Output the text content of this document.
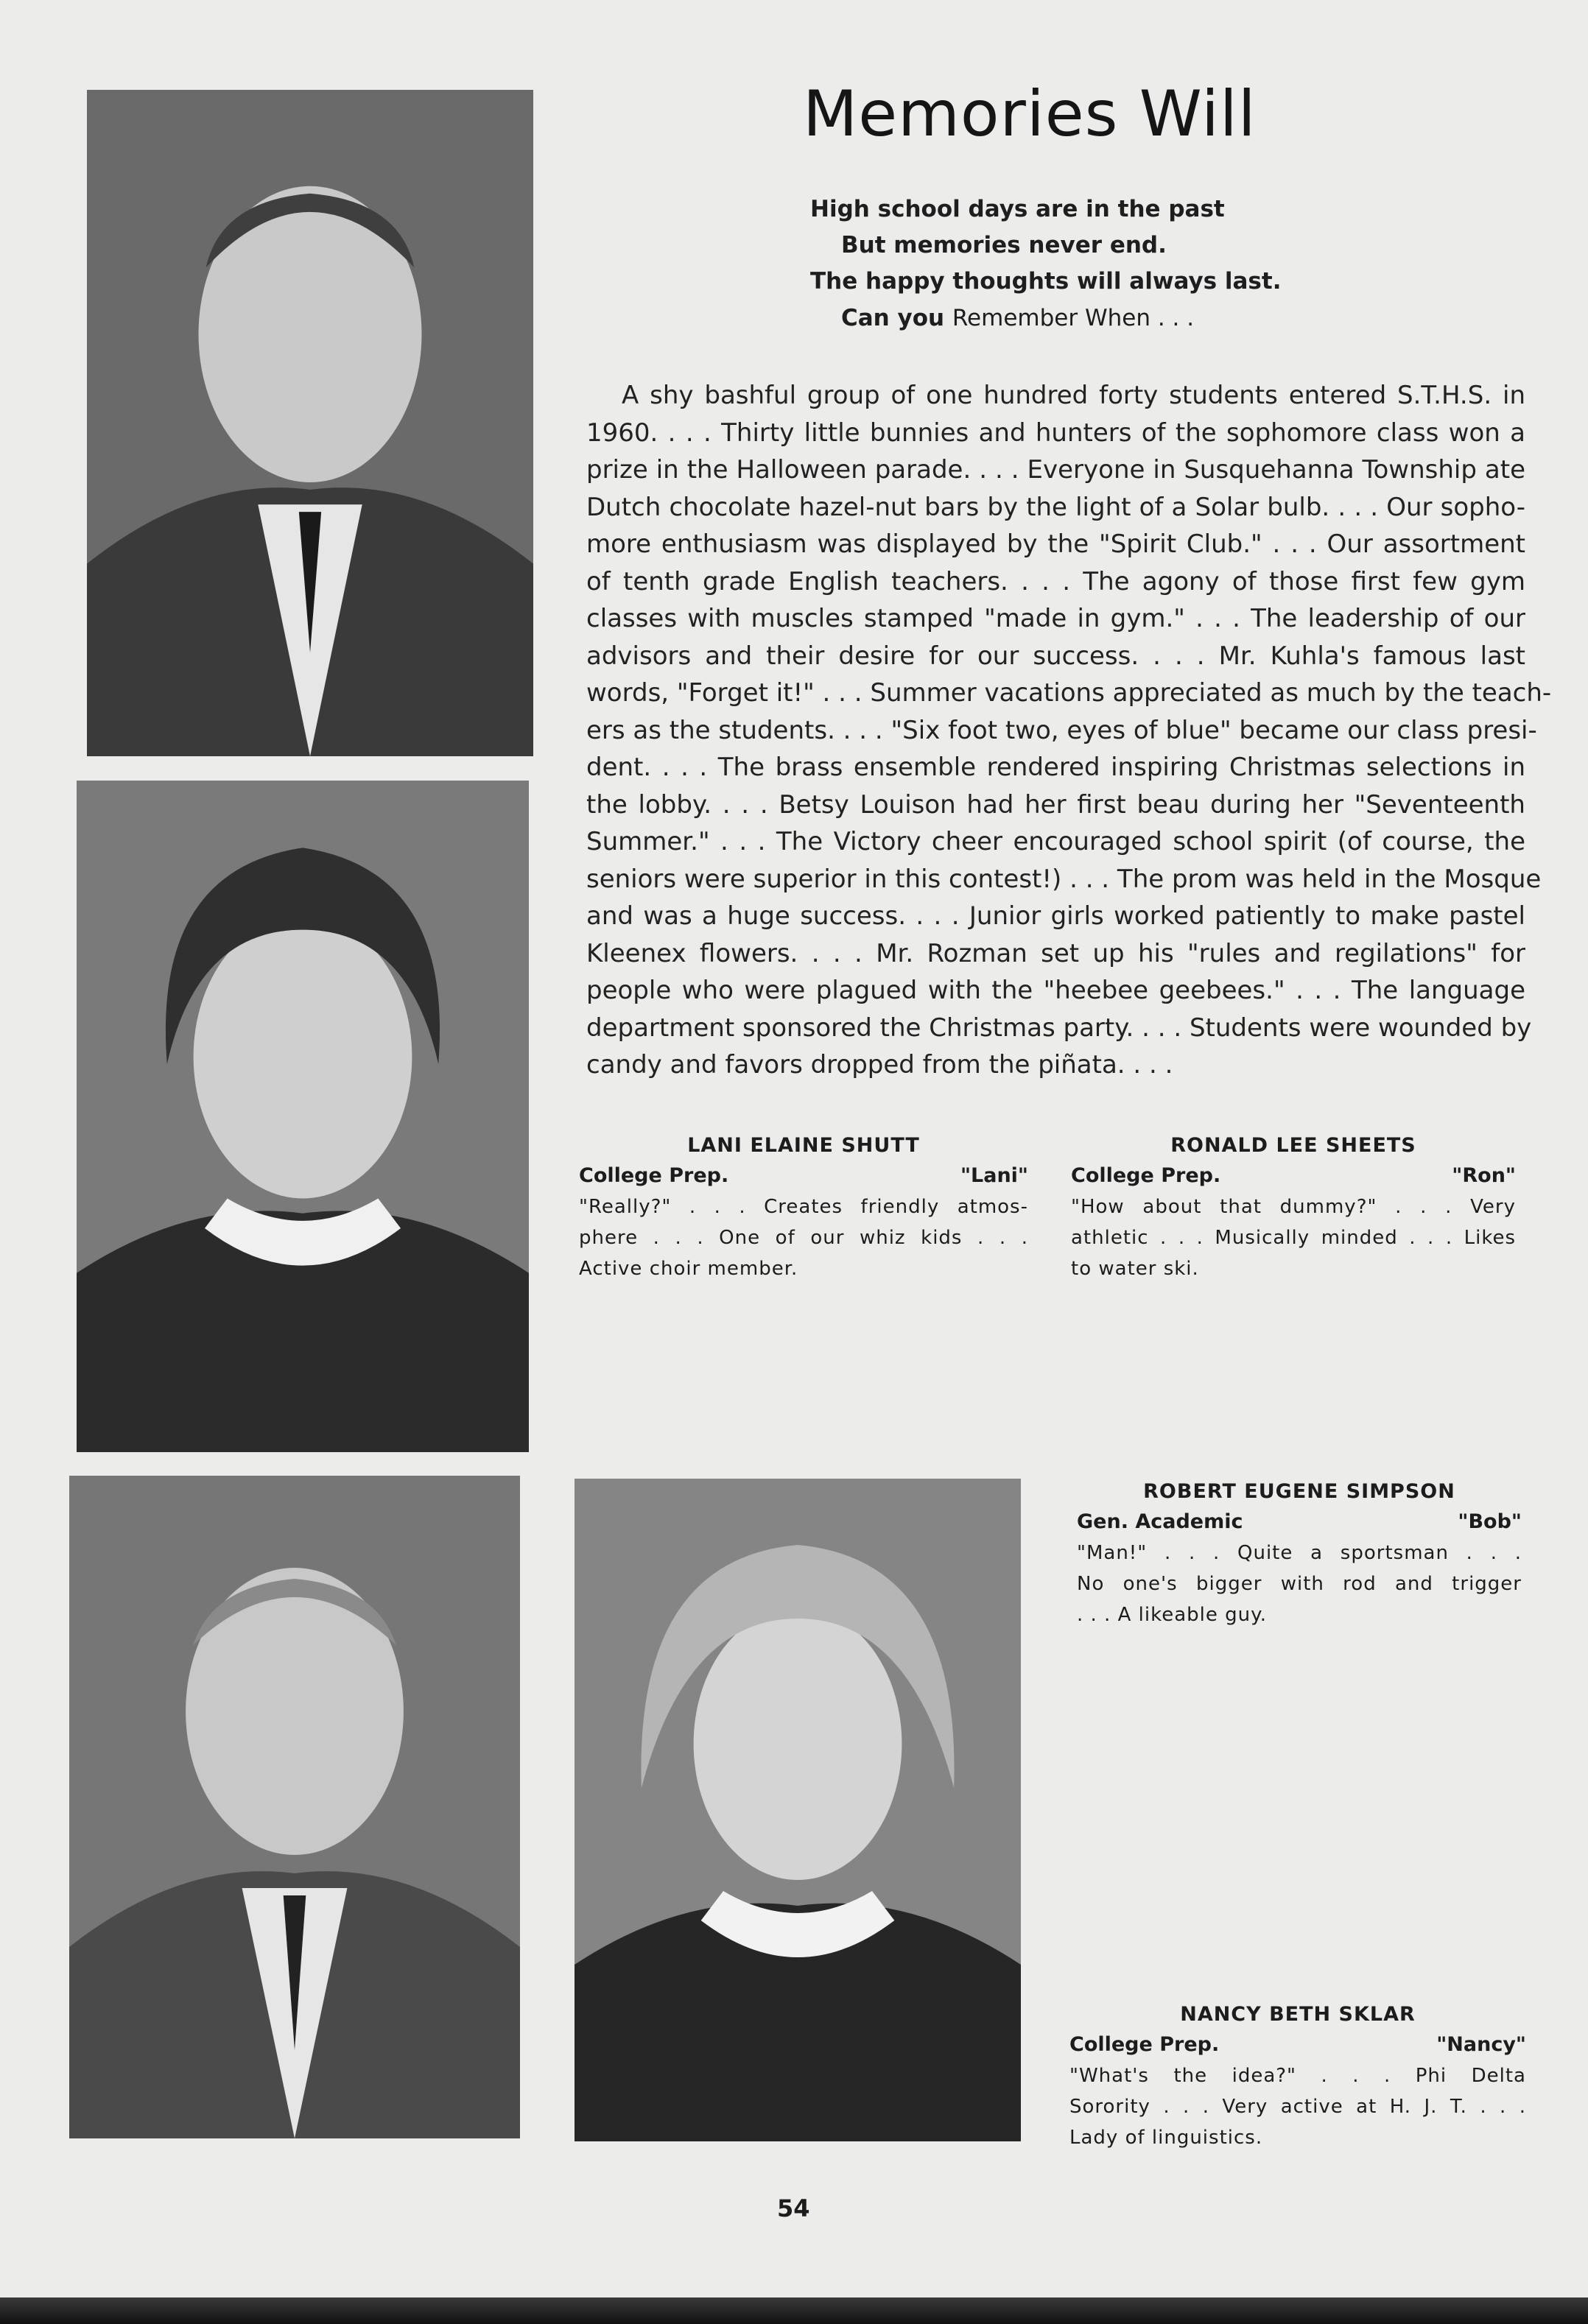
Memories Will
High school days are in the past
But memories never end.
The happy thoughts will always last.
Can you Remember When . . .
A shy bashful group of one hundred forty students entered S.T.H.S. in
1960. . . . Thirty little bunnies and hunters of the sophomore class won a
prize in the Halloween parade. . . . Everyone in Susquehanna Township ate
Dutch chocolate hazel-nut bars by the light of a Solar bulb. . . . Our sopho-
more enthusiasm was displayed by the "Spirit Club." . . . Our assortment
of tenth grade English teachers. . . . The agony of those first few gym
classes with muscles stamped "made in gym." . . . The leadership of our
advisors and their desire for our success. . . . Mr. Kuhla's famous last
words, "Forget it!" . . . Summer vacations appreciated as much by the teach-
ers as the students. . . . "Six foot two, eyes of blue" became our class presi-
dent. . . . The brass ensemble rendered inspiring Christmas selections in
the lobby. . . . Betsy Louison had her first beau during her "Seventeenth
Summer." . . . The Victory cheer encouraged school spirit (of course, the
seniors were superior in this contest!) . . . The prom was held in the Mosque
and was a huge success. . . . Junior girls worked patiently to make pastel
Kleenex flowers. . . . Mr. Rozman set up his "rules and regilations" for
people who were plagued with the "heebee geebees." . . . The language
department sponsored the Christmas party. . . . Students were wounded by
candy and favors dropped from the piñata. . . .
LANI ELAINE SHUTT
College Prep.	"Lani"
"Really?" . . . Creates friendly atmos-
phere . . . One of our whiz kids . . .
Active choir member.
RONALD LEE SHEETS
College Prep.	"Ron"
"How about that dummy?" . . . Very
athletic . . . Musically minded . . . Likes
to water ski.
ROBERT EUGENE SIMPSON
Gen. Academic	"Bob"
"Man!" . . . Quite a sportsman . . .
No one's bigger with rod and trigger
. . . A likeable guy.
NANCY BETH SKLAR
College Prep.	"Nancy"
"What's the idea?" . . . Phi Delta
Sorority . . . Very active at H. J. T. . . .
Lady of linguistics.
54
